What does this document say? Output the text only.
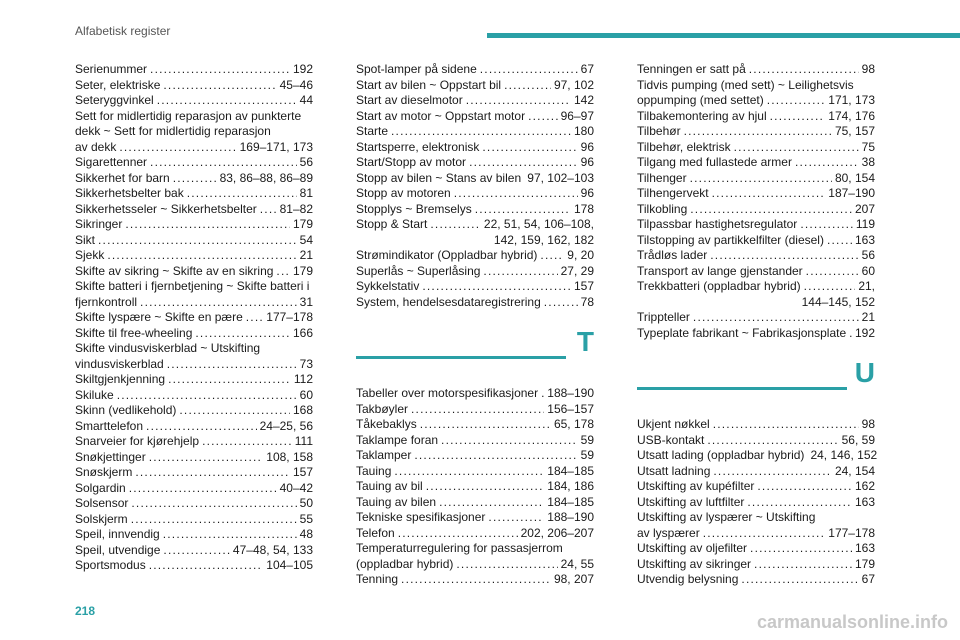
Alfabetisk register
Serienummer .....	192
Seter, elektriske .....	45–46
Seteryggvinkel .....	44
Sett for midlertidig reparasjon av punkterte
dekk ~ Sett for midlertidig reparasjon
av dekk .....	169–171, 173
Sigarettenner .....	56
Sikkerhet for barn .....	83, 86–88, 86–89
Sikkerhetsbelter bak .....	81
Sikkerhetsseler ~ Sikkerhetsbelter ..... 81–82
Sikringer .....	179
Sikt .....	54
Sjekk .....	21
Skifte av sikring ~ Skifte av en sikring ..... 179
Skifte batteri i fjernbetjening ~ Skifte batteri i
fjernkontroll .....	31
Skifte lyspære ~ Skifte en pære ..... 177–178
Skifte til free-wheeling .....	166
Skifte vindusviskerblad ~ Utskifting
vindusviskerblad .....	73
Skiltgjenkjenning .....	112
Skiluke .....	60
Skinn (vedlikehold) .....	168
Smarttelefon .....	24–25, 56
Snarveier for kjørehjelp .....	111
Snøkjettinger .....	108, 158
Snøskjerm .....	157
Solgardin .....	40–42
Solsensor .....	50
Solskjerm .....	55
Speil, innvendig .....	48
Speil, utvendige .....	47–48, 54, 133
Sportsmodus .....	104–105
Spot-lamper på sidene .....	67
Start av bilen ~ Oppstart bil .....	97, 102
Start av dieselmotor .....	142
Start av motor ~ Oppstart motor .....	96–97
Starte .....	180
Startsperre, elektronisk .....	96
Start/Stopp av motor .....	96
Stopp av bilen ~ Stans av bilen ..... 97, 102–103
Stopp av motoren .....	96
Stopplys ~ Bremselys .....	178
Stopp & Start .....	22, 51, 54, 106–108,
142, 159, 162, 182
Strømindikator (Oppladbar hybrid) ..... 9, 20
Superlås ~ Superlåsing .....	27, 29
Sykkelstativ .....	157
System, hendelsesdataregistrering .....	78
T
Tabeller over motorspesifikasjoner ..... 188–190
Takbøyler .....	156–157
Tåkebaklys .....	65, 178
Taklampe foran .....	59
Taklamper .....	59
Tauing .....	184–185
Tauing av bil .....	184, 186
Tauing av bilen .....	184–185
Tekniske spesifikasjoner .....	188–190
Telefon .....	202, 206–207
Temperaturregulering for passasjerrom
(oppladbar hybrid) .....	24, 55
Tenning .....	98, 207
Tenningen er satt på .....	98
Tidvis pumping (med sett) ~ Leilighetsvis
oppumping (med settet) .....	171, 173
Tilbakemontering av hjul .....	174, 176
Tilbehør .....	75, 157
Tilbehør, elektrisk .....	75
Tilgang med fullastede armer .....	38
Tilhenger .....	80, 154
Tilhengervekt .....	187–190
Tilkobling .....	207
Tilpassbar hastighetsregulator .....	119
Tilstopping av partikkelfilter (diesel) .....	163
Trådløs lader .....	56
Transport av lange gjenstander .....	60
Trekkbatteri (oppladbar hybrid) .....	21,
144–145, 152
Trippteller .....	21
Typeplate fabrikant ~ Fabrikasjonsplate ..... 192
U
Ukjent nøkkel .....	98
USB-kontakt .....	56, 59
Utsatt lading (oppladbar hybrid) 24, 146, 152
Utsatt ladning .....	24, 154
Utskifting av kupéfilter .....	162
Utskifting av luftfilter .....	163
Utskifting av lyspærer ~ Utskifting
av lyspærer .....	177–178
Utskifting av oljefilter .....	163
Utskifting av sikringer .....	179
Utvendig belysning .....	67
218
carmanualsonline.info
